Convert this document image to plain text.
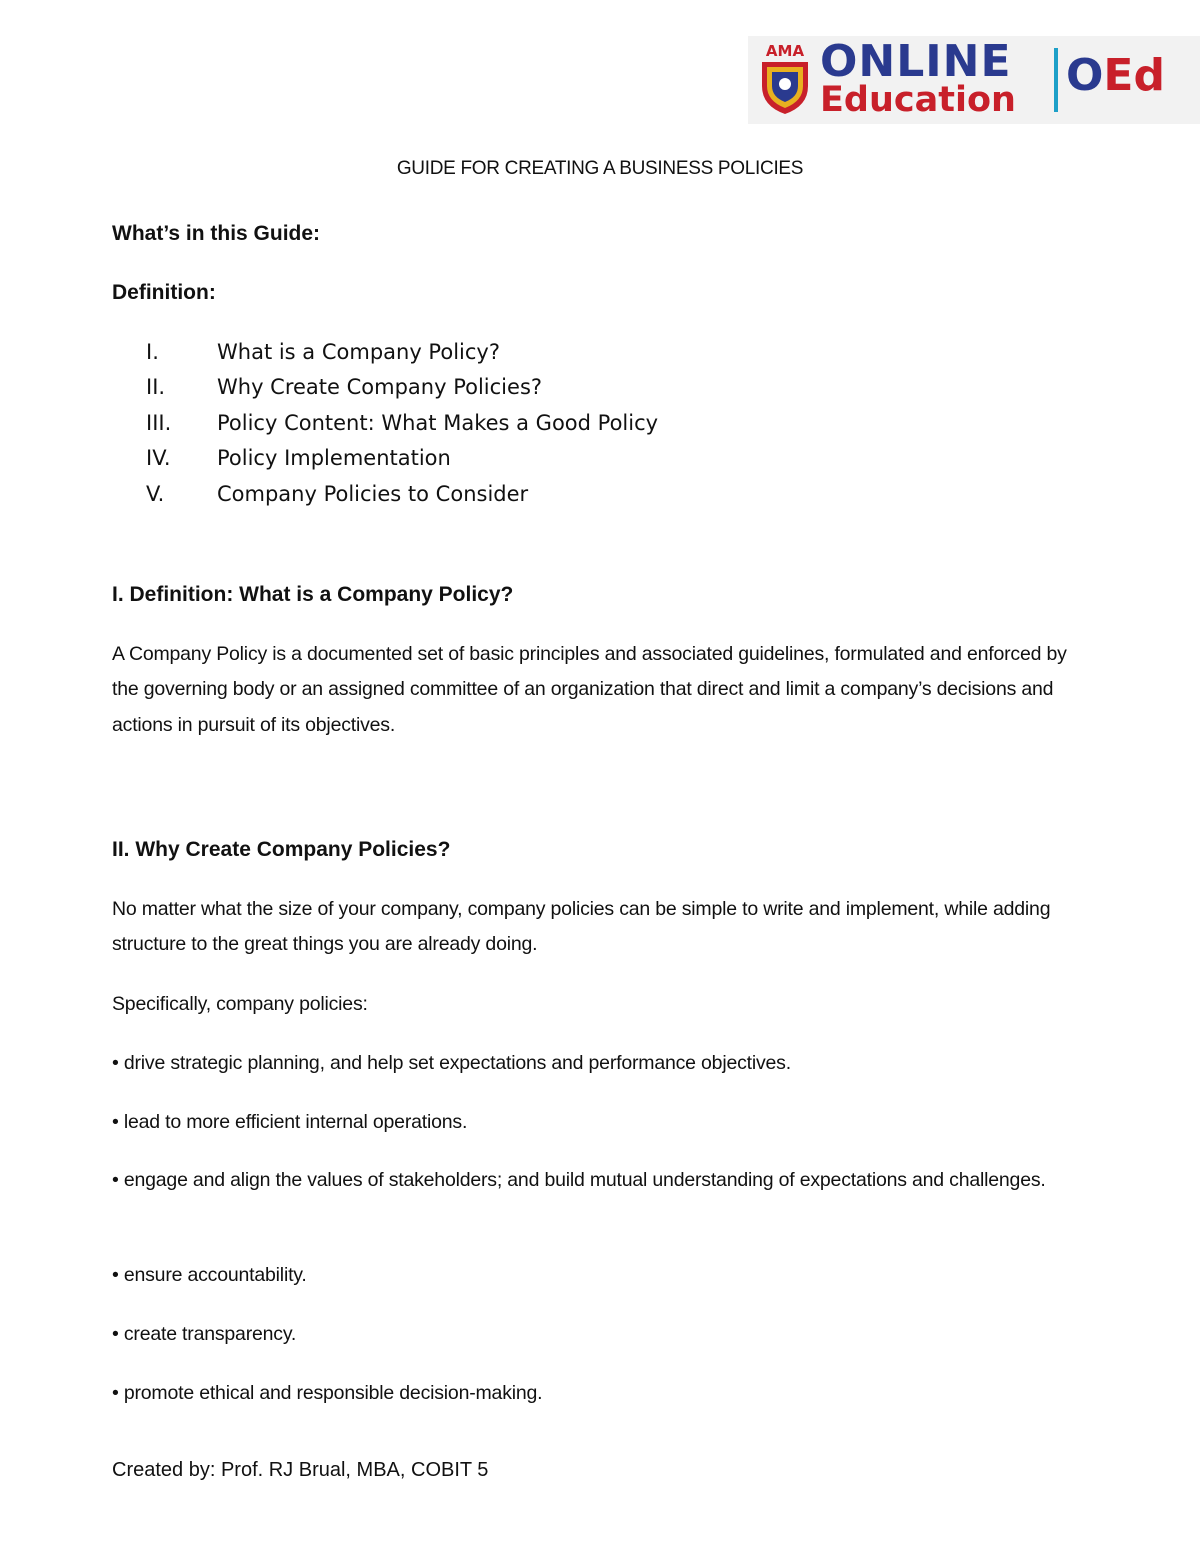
AMA ONLINE
Education OEd
GUIDE FOR CREATING A BUSINESS POLICIES
What’s in this Guide:
Definition:
I.	What is a Company Policy?
II. Why Create Company Policies?
III. Policy Content: What Makes a Good Policy
IV. Policy Implementation
V.	Company Policies to Consider
I. Definition: What is a Company Policy?

A Company Policy is a documented set of basic principles and associated guidelines, formulated and enforced by the governing body or an assigned committee of an organization that direct and limit a company’s decisions and actions in pursuit of its objectives.

II. Why Create Company Policies?

No matter what the size of your company, company policies can be simple to write and implement, while adding structure to the great things you are already doing.

Specifically, company policies:
• drive strategic planning, and help set expectations and performance objectives.
• lead to more efficient internal operations.

• engage and align the values of stakeholders; and build mutual understanding of expectations and challenges.

• ensure accountability.
• create transparency.
• promote ethical and responsible decision-making.
Created by: Prof. RJ Brual, MBA, COBIT 5
